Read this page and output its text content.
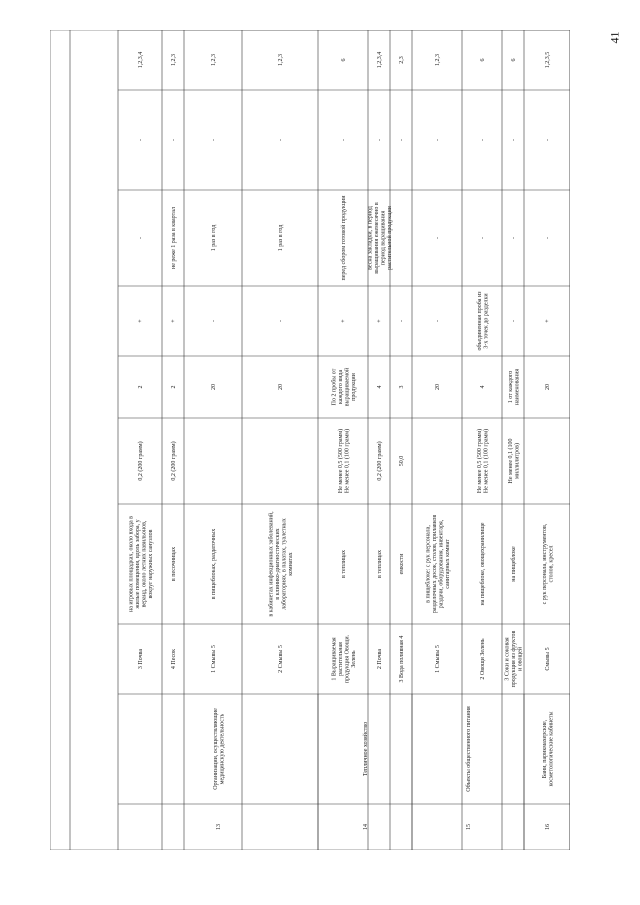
41
1,2,3,4
-
-
+
2
0,2 (200 грамм)
на игровых площадках, около входа вжилые помещения, вдоль забора, уверанд, около летних павильонов,вокруг наружных санузлов
3 Почва
1,2,3
-
не реже 1 раза в квартал
+
2
0,2 (200 грамм)
в песочницах
4 Песок
1,2,3
-
1 раз в год
-
20
в пищеблоках, раздаточных
1 Смывы 5
1,2,3
-
1 раз в год
-
20
в кабинетах инфекционных заболеваний,в клинико-диагностическихлабораториях, в палатах, туалетныхкомнатах
2 Смывы 5
6
-
перед сбором готовой продукции
+
По 2 пробы откаждого видавыращиваемойпродукции
Не менее 0,5 (500 грамм)Не менее 0,1 (100 грамм)
в теплицах
1 Выращиваемаярастительнаяпродукция Овощи.Зелень
1,2,3,4
-
весна закладки, в периодвыращивания ежемесячно впериод выращиваниярастительной продукции
+
4
0,2 (200 грамм)
в теплицах
2 Почва
2,3
-
-
3
50,0
емкости
3 Вода поливная 4
1,2,3
-
-
-
20
в пищеблоке: с рук персонала,разделочных досок, столов, прилавковраздачи, оборудования, инвентаря,санитарных комнат
1 Смывы 5
6
-
-
объединенная проба из3-х точек до разделки
4
Не менее 0,5 (500 грамм)Не менее 0,1 (100 грамм)
на пищеблоке, овощехранилище
2 Овощи Зелень
6
-
-
-
1 от каждогонаименования
Не менее 0,1 (100миллилитров)
на пищеблоке
3 Соки и соковаяпродукция из фруктови овощей
1,2,3,5
-
-
+
20
с рук персонала, инструментов,столов, кресел
Смывы 5
Организации, осуществляющиемедицинскую деятельность
13
Тепличное хозяйство
14
Объекты общественного питания
15
Бани, парикмахерские,косметологические кабинеты
16
